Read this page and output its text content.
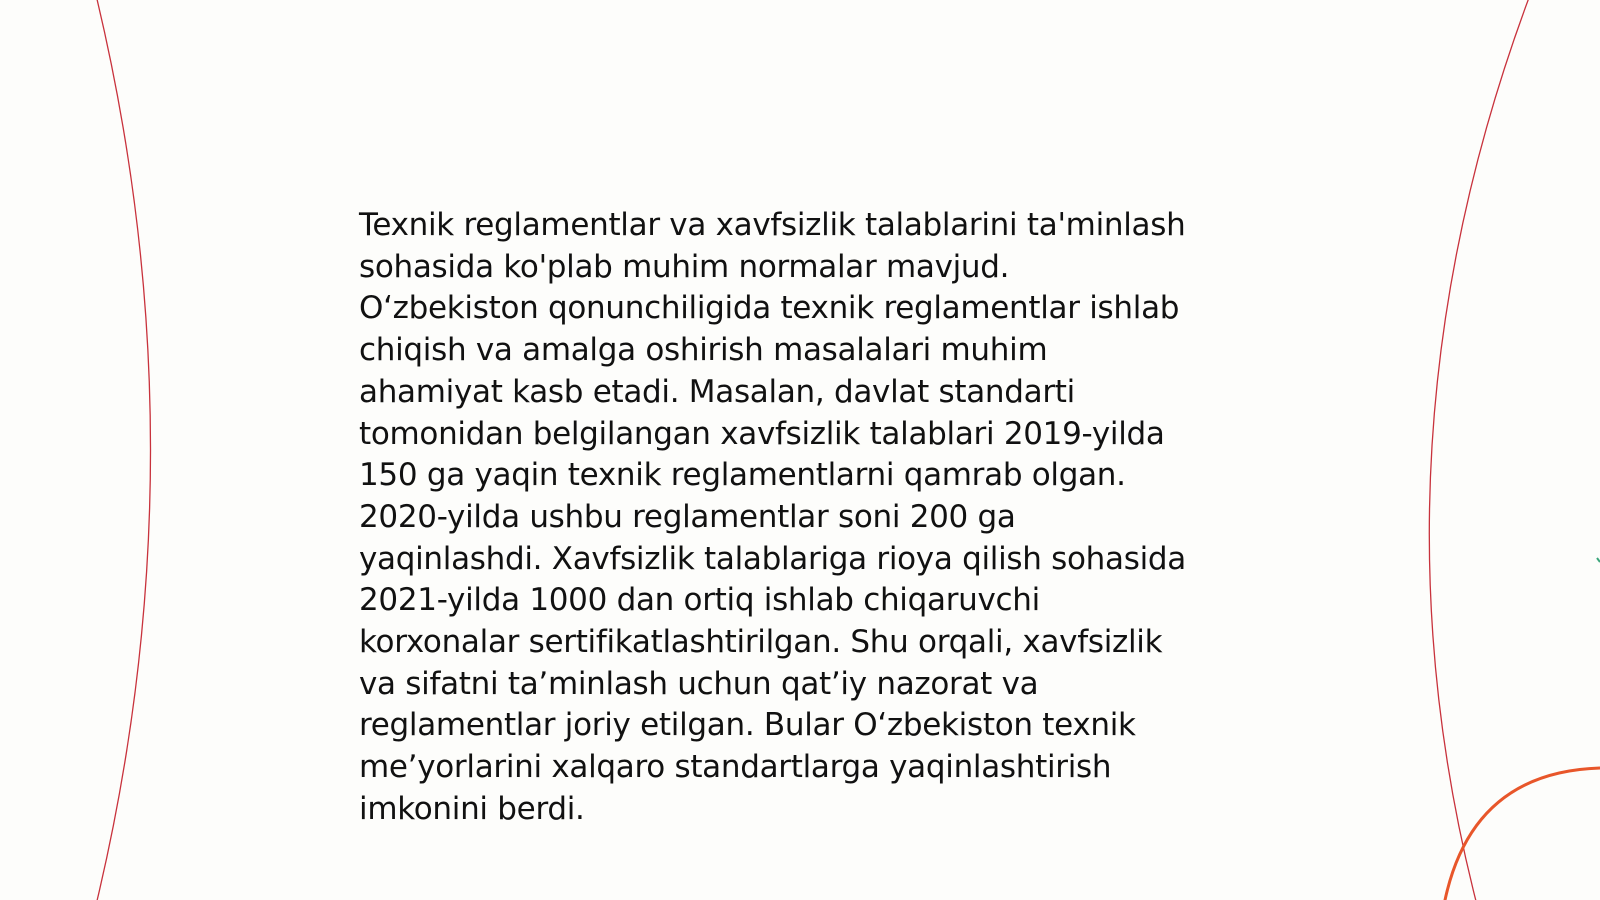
Texnik reglamentlar va xavfsizlik talablarini ta'minlash
sohasida ko'plab muhim normalar mavjud.
O‘zbekiston qonunchiligida texnik reglamentlar ishlab
chiqish va amalga oshirish masalalari muhim
ahamiyat kasb etadi. Masalan, davlat standarti
tomonidan belgilangan xavfsizlik talablari 2019-yilda
150 ga yaqin texnik reglamentlarni qamrab olgan.
2020-yilda ushbu reglamentlar soni 200 ga
yaqinlashdi. Xavfsizlik talablariga rioya qilish sohasida
2021-yilda 1000 dan ortiq ishlab chiqaruvchi
korxonalar sertifikatlashtirilgan. Shu orqali, xavfsizlik
va sifatni ta’minlash uchun qat’iy nazorat va
reglamentlar joriy etilgan. Bular O‘zbekiston texnik
me’yorlarini xalqaro standartlarga yaqinlashtirish
imkonini berdi.
